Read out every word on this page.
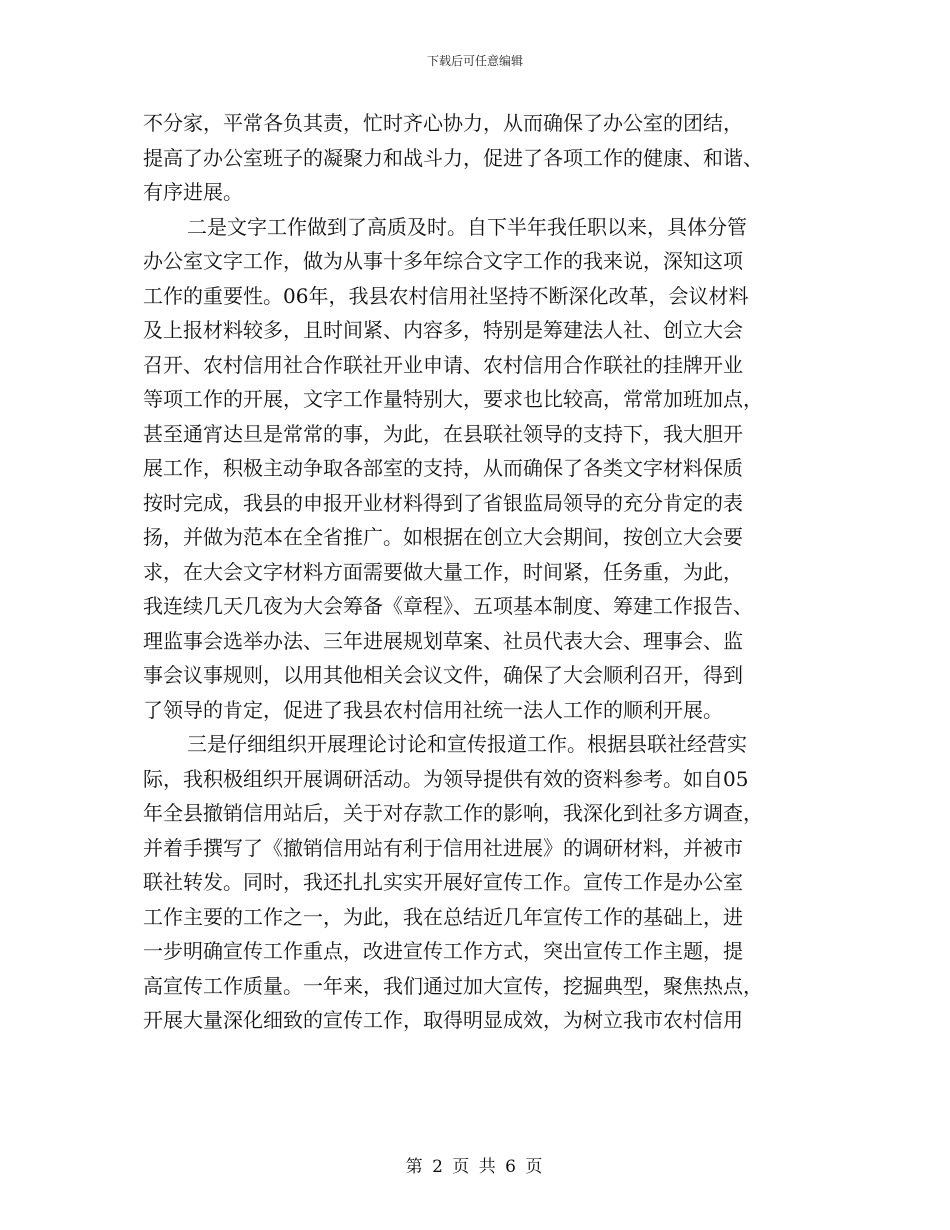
下载后可任意编辑
不分家，平常各负其责，忙时齐心协力，从而确保了办公室的团结，
提高了办公室班子的凝聚力和战斗力，促进了各项工作的健康、和谐、
有序进展。
二是文字工作做到了高质及时。自下半年我任职以来，具体分管
办公室文字工作，做为从事十多年综合文字工作的我来说，深知这项
工作的重要性。06年，我县农村信用社坚持不断深化改革，会议材料
及上报材料较多，且时间紧、内容多，特别是筹建法人社、创立大会
召开、农村信用社合作联社开业申请、农村信用合作联社的挂牌开业
等项工作的开展，文字工作量特别大，要求也比较高，常常加班加点，
甚至通宵达旦是常常的事，为此，在县联社领导的支持下，我大胆开
展工作，积极主动争取各部室的支持，从而确保了各类文字材料保质
按时完成，我县的申报开业材料得到了省银监局领导的充分肯定的表
扬，并做为范本在全省推广。如根据在创立大会期间，按创立大会要
求，在大会文字材料方面需要做大量工作，时间紧，任务重，为此，
我连续几天几夜为大会筹备《章程》、五项基本制度、筹建工作报告、
理监事会选举办法、三年进展规划草案、社员代表大会、理事会、监
事会议事规则，以用其他相关会议文件，确保了大会顺利召开，得到
了领导的肯定，促进了我县农村信用社统一法人工作的顺利开展。
三是仔细组织开展理论讨论和宣传报道工作。根据县联社经营实
际，我积极组织开展调研活动。为领导提供有效的资料参考。如自05
年全县撤销信用站后，关于对存款工作的影响，我深化到社多方调查，
并着手撰写了《撤销信用站有利于信用社进展》的调研材料，并被市
联社转发。同时，我还扎扎实实开展好宣传工作。宣传工作是办公室
工作主要的工作之一，为此，我在总结近几年宣传工作的基础上，进
一步明确宣传工作重点，改进宣传工作方式，突出宣传工作主题，提
高宣传工作质量。一年来，我们通过加大宣传，挖掘典型，聚焦热点，
开展大量深化细致的宣传工作，取得明显成效，为树立我市农村信用
第 2 页 共 6 页
